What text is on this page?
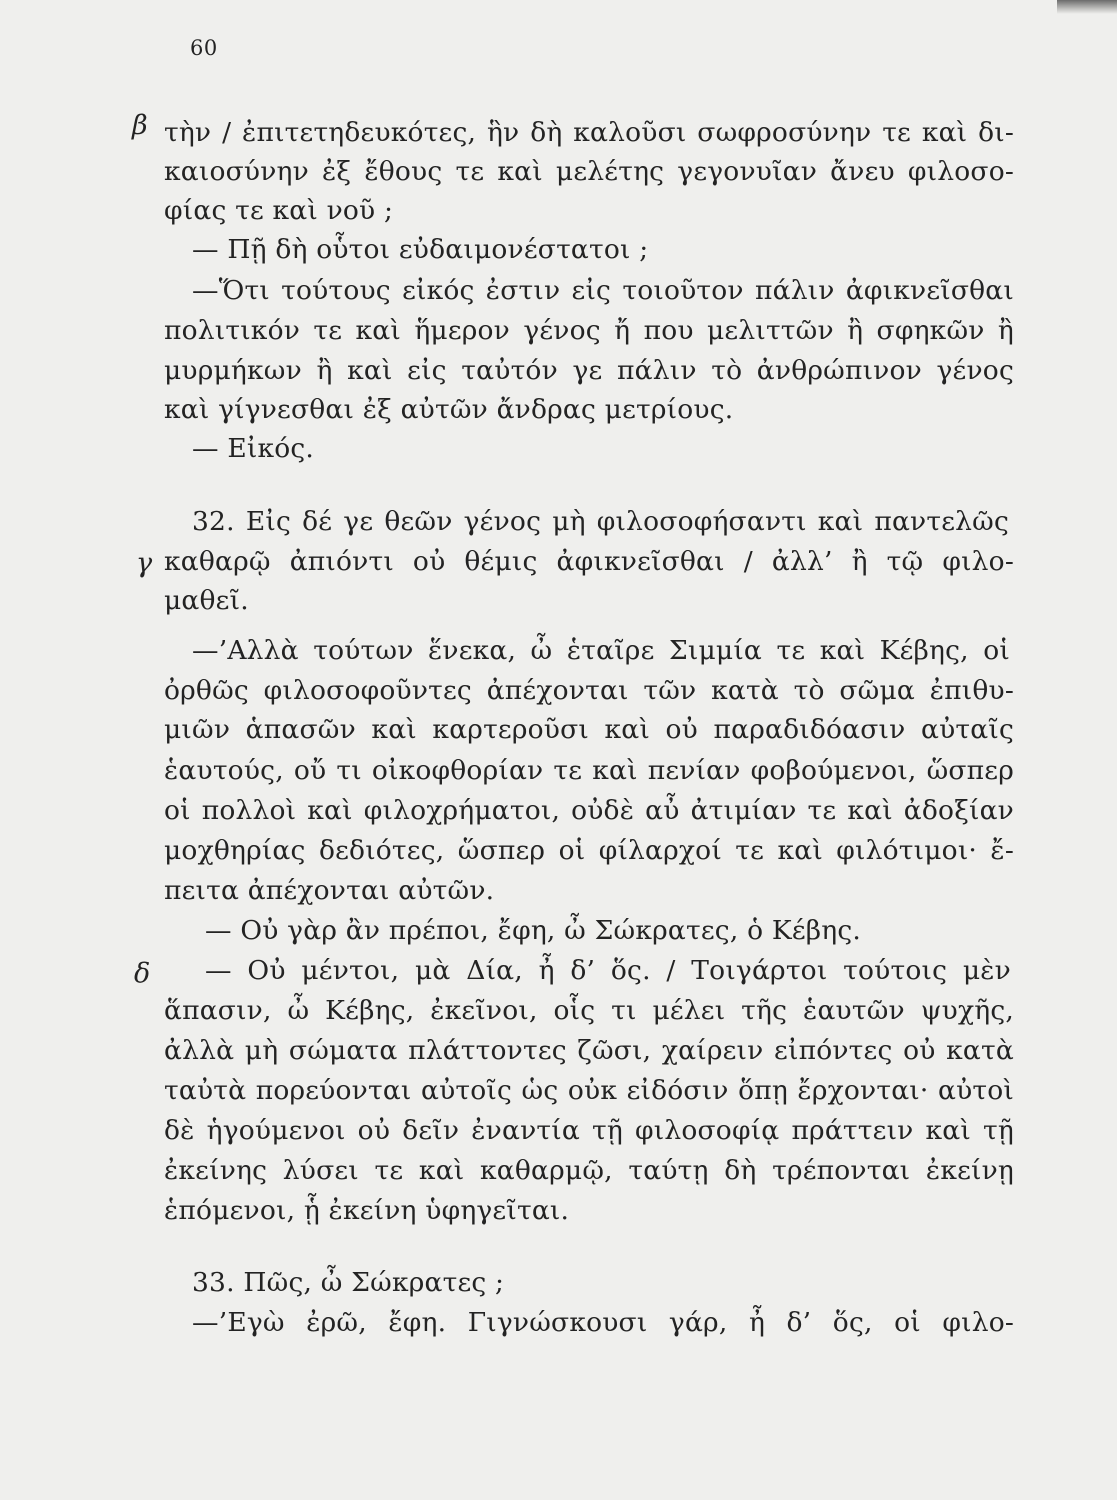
60
β
γ
δ
τὴν / ἐπιτετηδευκότες, ἣν δὴ καλοῦσι σωφροσύνην τε καὶ δι-
καιοσύνην ἐξ ἔθους τε καὶ μελέτης γεγονυῖαν ἄνευ φιλοσο-
φίας τε καὶ νοῦ ;
— Πῇ δὴ οὗτοι εὐδαιμονέστατοι ;
—Ὅτι τούτους εἰκός ἐστιν εἰς τοιοῦτον πάλιν ἀφικνεῖσθαι
πολιτικόν τε καὶ ἥμερον γένος ἤ που μελιττῶν ἢ σφηκῶν ἢ
μυρμήκων ἢ καὶ εἰς ταὐτόν γε πάλιν τὸ ἀνθρώπινον γένος
καὶ γίγνεσθαι ἐξ αὐτῶν ἄνδρας μετρίους.
— Εἰκός.
32. Εἰς δέ γε θεῶν γένος μὴ φιλοσοφήσαντι καὶ παντελῶς
καθαρῷ ἀπιόντι οὐ θέμις ἀφικνεῖσθαι / ἀλλ’ ἢ τῷ φιλο-
μαθεῖ.
—’Αλλὰ τούτων ἕνεκα, ὦ ἑταῖρε Σιμμία τε καὶ Κέβης, οἱ
ὀρθῶς φιλοσοφοῦντες ἀπέχονται τῶν κατὰ τὸ σῶμα ἐπιθυ-
μιῶν ἁπασῶν καὶ καρτεροῦσι καὶ οὐ παραδιδόασιν αὐταῖς
ἑαυτούς, οὔ τι οἰκοφθορίαν τε καὶ πενίαν φοβούμενοι, ὥσπερ
οἱ πολλοὶ καὶ φιλοχρήματοι, οὐδὲ αὖ ἀτιμίαν τε καὶ ἀδοξίαν
μοχθηρίας δεδιότες, ὥσπερ οἱ φίλαρχοί τε καὶ φιλότιμοι· ἔ-
πειτα ἀπέχονται αὐτῶν.
— Οὐ γὰρ ἂν πρέποι, ἔφη, ὦ Σώκρατες, ὁ Κέβης.
— Οὐ μέντοι, μὰ Δία, ἦ δ’ ὅς. / Τοιγάρτοι τούτοις μὲν
ἅπασιν, ὦ Κέβης, ἐκεῖνοι, οἷς τι μέλει τῆς ἑαυτῶν ψυχῆς,
ἀλλὰ μὴ σώματα πλάττοντες ζῶσι, χαίρειν εἰπόντες οὐ κατὰ
ταὐτὰ πορεύονται αὐτοῖς ὡς οὐκ εἰδόσιν ὅπῃ ἔρχονται· αὐτοὶ
δὲ ἡγούμενοι οὐ δεῖν ἐναντία τῇ φιλοσοφίᾳ πράττειν καὶ τῇ
ἐκείνης λύσει τε καὶ καθαρμῷ, ταύτῃ δὴ τρέπονται ἐκείνῃ
ἑπόμενοι, ᾗ ἐκείνη ὑφηγεῖται.
33. Πῶς, ὦ Σώκρατες ;
—’Εγὼ ἐρῶ, ἔφη. Γιγνώσκουσι γάρ, ἦ δ’ ὅς, οἱ φιλο-
